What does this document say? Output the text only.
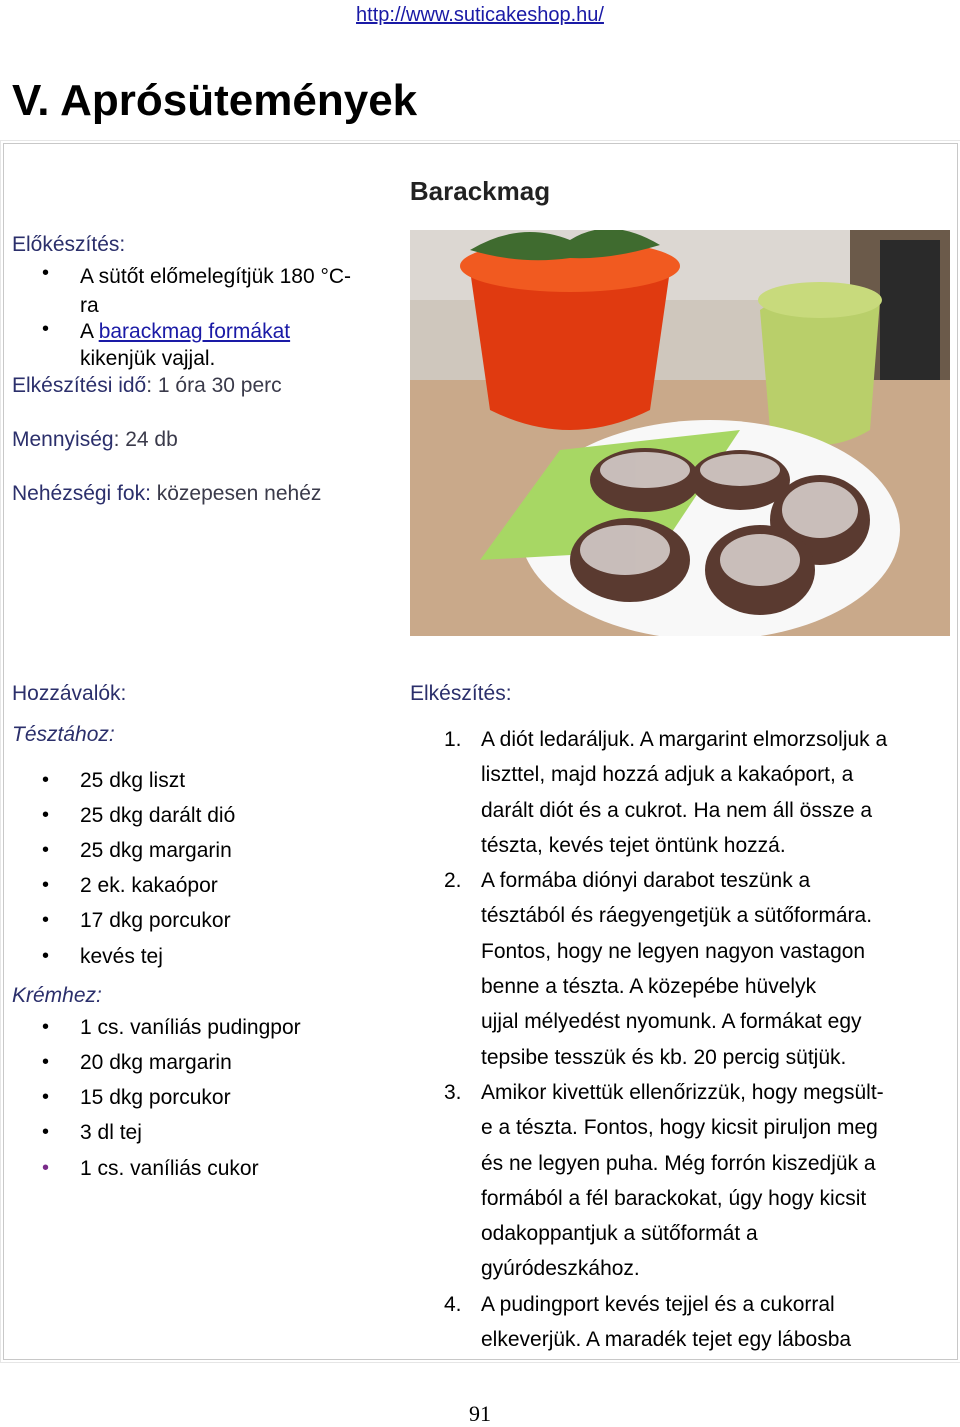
http://www.suticakeshop.hu/
V. Aprósütemények
Barackmag
Előkészítés:
• A sütőt előmelegítjük 180 °C-
ra
• A barackmag formákat
kikenjük vajjal.
Elkészítési idő: 1 óra 30 perc
Mennyiség: 24 db
Nehézségi fok: közepesen nehéz
Hozzávalók:
Tésztához:
• 25 dkg liszt
• 25 dkg darált dió
• 25 dkg margarin
• 2 ek. kakaópor
• 17 dkg porcukor
• kevés tej
Krémhez:
• 1 cs. vaníliás pudingpor
• 20 dkg margarin
• 15 dkg porcukor
• 3 dl tej
• 1 cs. vaníliás cukor
Elkészítés:
1. A diót ledaráljuk. A margarint elmorzsoljuk a
liszttel, majd hozzá adjuk a kakaóport, a
darált diót és a cukrot. Ha nem áll össze a
tészta, kevés tejet öntünk hozzá.
2. A formába diónyi darabot teszünk a
tésztából és ráegyengetjük a sütőformára.
Fontos, hogy ne legyen nagyon vastagon
benne a tészta. A közepébe hüvelyk
ujjal mélyedést nyomunk. A formákat egy
tepsibe tesszük és kb. 20 percig sütjük.
3. Amikor kivettük ellenőrizzük, hogy megsült-
e a tészta. Fontos, hogy kicsit piruljon meg
és ne legyen puha. Még forrón kiszedjük a
formából a fél barackokat, úgy hogy kicsit
odakoppantjuk a sütőformát a
gyúródeszkához.
4. A pudingport kevés tejjel és a cukorral
elkeverjük. A maradék tejet egy lábosba
91
